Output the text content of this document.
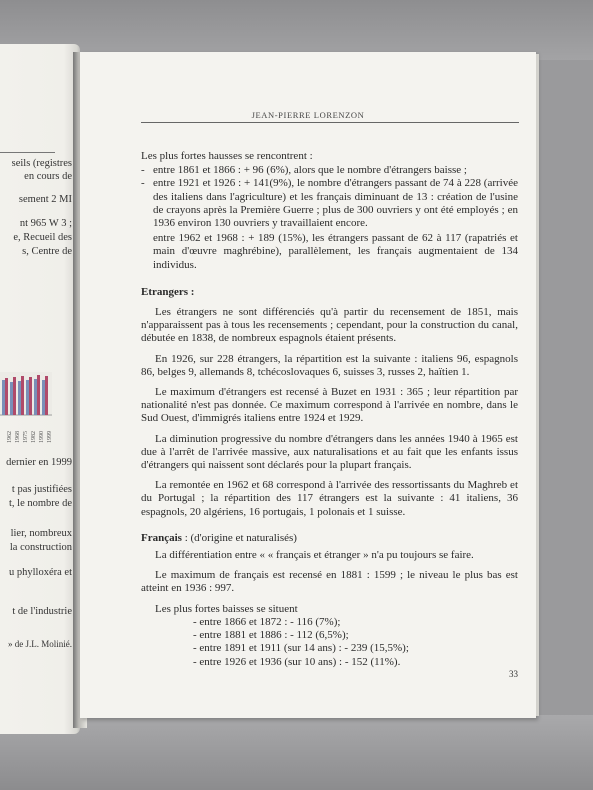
seils (registres
en cours de
sement 2 MI
nt 965 W 3 ;
e, Recueil des
s, Centre de
1962 1968 1975 1982 1990 1999
dernier en 1999
t pas justifiées
t, le nombre de
lier, nombreux
la construction
u phylloxéra et
t de l'industrie
» de J.L. Molinié.
JEAN-PIERRE LORENZON

Les plus fortes hausses se rencontrent :

- entre 1861 et 1866 : + 96 (6%), alors que le nombre d'étrangers baisse ;

- entre 1921 et 1926 : + 141(9%), le nombre d'étrangers passant de 74 à 228 (arrivée des italiens dans l'agriculture) et les français diminuant de 13 : création de l'usine de crayons après la Première Guerre ; plus de 300 ouvriers y ont été employés ; en 1936 environ 130 ouvriers y travaillaient encore.

entre 1962 et 1968 : + 189 (15%), les étrangers passant de 62 à 117 (rapatriés et main d'œuvre maghrébine), parallèlement, les français augmentaient de 134 individus.

Etrangers :

Les étrangers ne sont différenciés qu'à partir du recensement de 1851, mais n'apparaissent pas à tous les recensements ; cependant, pour la construction du canal, débutée en 1838, de nombreux espagnols étaient présents.

En 1926, sur 228 étrangers, la répartition est la suivante : italiens 96, espagnols 86, belges 9, allemands 8, tchécoslovaques 6, suisses 3, russes 2, haïtien 1.

Le maximum d'étrangers est recensé à Buzet en 1931 : 365 ; leur répartition par nationalité n'est pas donnée. Ce maximum correspond à l'arrivée en nombre, dans le Sud Ouest, d'immigrés italiens entre 1924 et 1929.

La diminution progressive du nombre d'étrangers dans les années 1940 à 1965 est due à l'arrêt de l'arrivée massive, aux naturalisations et au fait que les enfants issus d'étrangers qui naissent sont déclarés pour la plupart français.

La remontée en 1962 et 68 correspond à l'arrivée des ressortissants du Maghreb et du Portugal ; la répartition des 117 étrangers est la suivante : 41 italiens, 36 espagnols, 20 algériens, 16 portugais, 1 polonais et 1 suisse.

Français : (d'origine et naturalisés)

La différentiation entre « « français et étranger » n'a pu toujours se faire.

Le maximum de français est recensé en 1881 : 1599 ; le niveau le plus bas est atteint en 1936 : 997.

Les plus fortes baisses se situent

- entre 1866 et 1872 : - 116 (7%);

- entre 1881 et 1886 : - 112 (6,5%);

- entre 1891 et 1911 (sur 14 ans) : - 239 (15,5%);

- entre 1926 et 1936 (sur 10 ans) : - 152 (11%).

33
